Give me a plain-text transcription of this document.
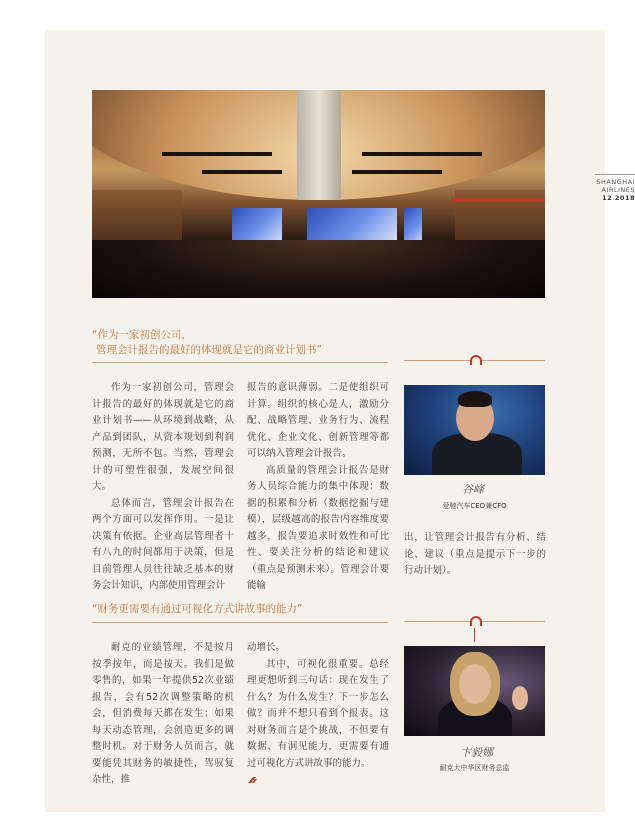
SHANGHAI
AIRLINES
12 2018
“作为一家初创公司，
管理会计报告的最好的体现就是它的商业计划书”

作为一家初创公司，管理会计报告的最好的体现就是它的商业计划书——从环境到战略，从产品到团队，从资本规划到利润预测，无所不包。当然，管理会计的可塑性很强，发展空间很大。

总体而言，管理会计报告在两个方面可以发挥作用。一是让决策有依据。企业高层管理者十有八九的时间都用于决策，但是目前管理人员往往缺乏基本的财务会计知识，内部使用管理会计

报告的意识薄弱。二是使组织可计算。组织的核心是人，激励分配、战略管理、业务行为、流程优化、企业文化、创新管理等都可以纳入管理会计报告。

高质量的管理会计报告是财务人员综合能力的集中体现：数据的积累和分析（数据挖掘与建模），层级越高的报告内容维度要越多，报告要追求时效性和可比性、要关注分析的结论和建议（重点是预测未来）。管理会计要能输

谷峰
爱驰汽车CEO兼CFO

出，让管理会计报告有分析、结论、建议（重点是提示下一步的行动计划）。

“财务更需要有通过可视化方式讲故事的能力”

耐克的业绩管理，不是按月按季按年，而是按天。我们是做零售的，如果一年提供52次业绩报告，会有52次调整策略的机会，但消费每天都在发生；如果每天动态管理，会创造更多的调整时机。对于财务人员而言，就要能凭其财务的敏捷性，驾驭复杂性，推

动增长。

其中，可视化很重要。总经理更想听到三句话：现在发生了什么？为什么发生？下一步怎么做？而并不想只看到个报表。这对财务而言是个挑战，不但要有数据、有洞见能力，更需要有通过可视化方式讲故事的能力。

卞毅娜
耐克大中华区财务总监
